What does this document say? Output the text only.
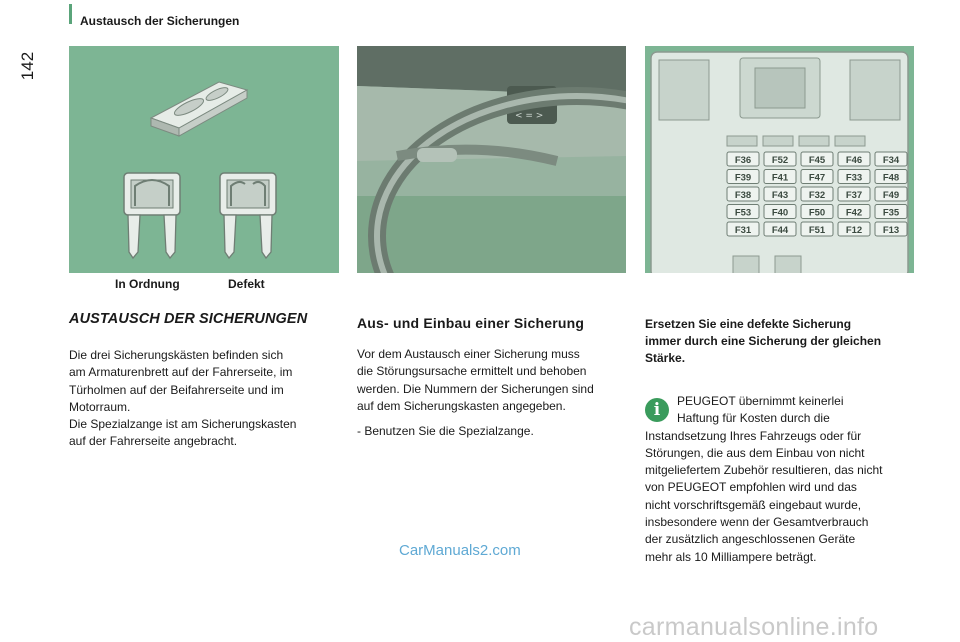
Austausch der Sicherungen
142
In Ordnung	Defekt
< = >
F36 F52 F45 F46 F34
F39 F41 F47 F33 F48
F38 F43 F32 F37 F49
F53 F40 F50 F42 F35
F31 F44 F51 F12 F13
AUSTAUSCH DER SICHERUNGEN

Die drei Sicherungskästen befinden sich

am Armaturenbrett auf der Fahrerseite, im

Türholmen auf der Beifahrerseite und im

Motorraum.

Die Spezialzange ist am Sicherungskasten

auf der Fahrerseite angebracht.

Aus- und Einbau einer Sicherung

Vor dem Austausch einer Sicherung muss

die Störungsursache ermittelt und behoben

werden. Die Nummern der Sicherungen sind

auf dem Sicherungskasten angegeben.

- Benutzen Sie die Spezialzange.

Ersetzen Sie eine defekte Sicherung

immer durch eine Sicherung der gleichen

Stärke.

i	PEUGEOT übernimmt keinerlei

Haftung für Kosten durch die

Instandsetzung Ihres Fahrzeugs oder für

Störungen, die aus dem Einbau von nicht

mitgeliefertem Zubehör resultieren, das nicht

von PEUGEOT empfohlen wird und das

nicht vorschriftsgemäß eingebaut wurde,

insbesondere wenn der Gesamtverbrauch

der zusätzlich angeschlossenen Geräte

mehr als 10 Milliampere beträgt.

CarManuals2.com
carmanualsonline.info
